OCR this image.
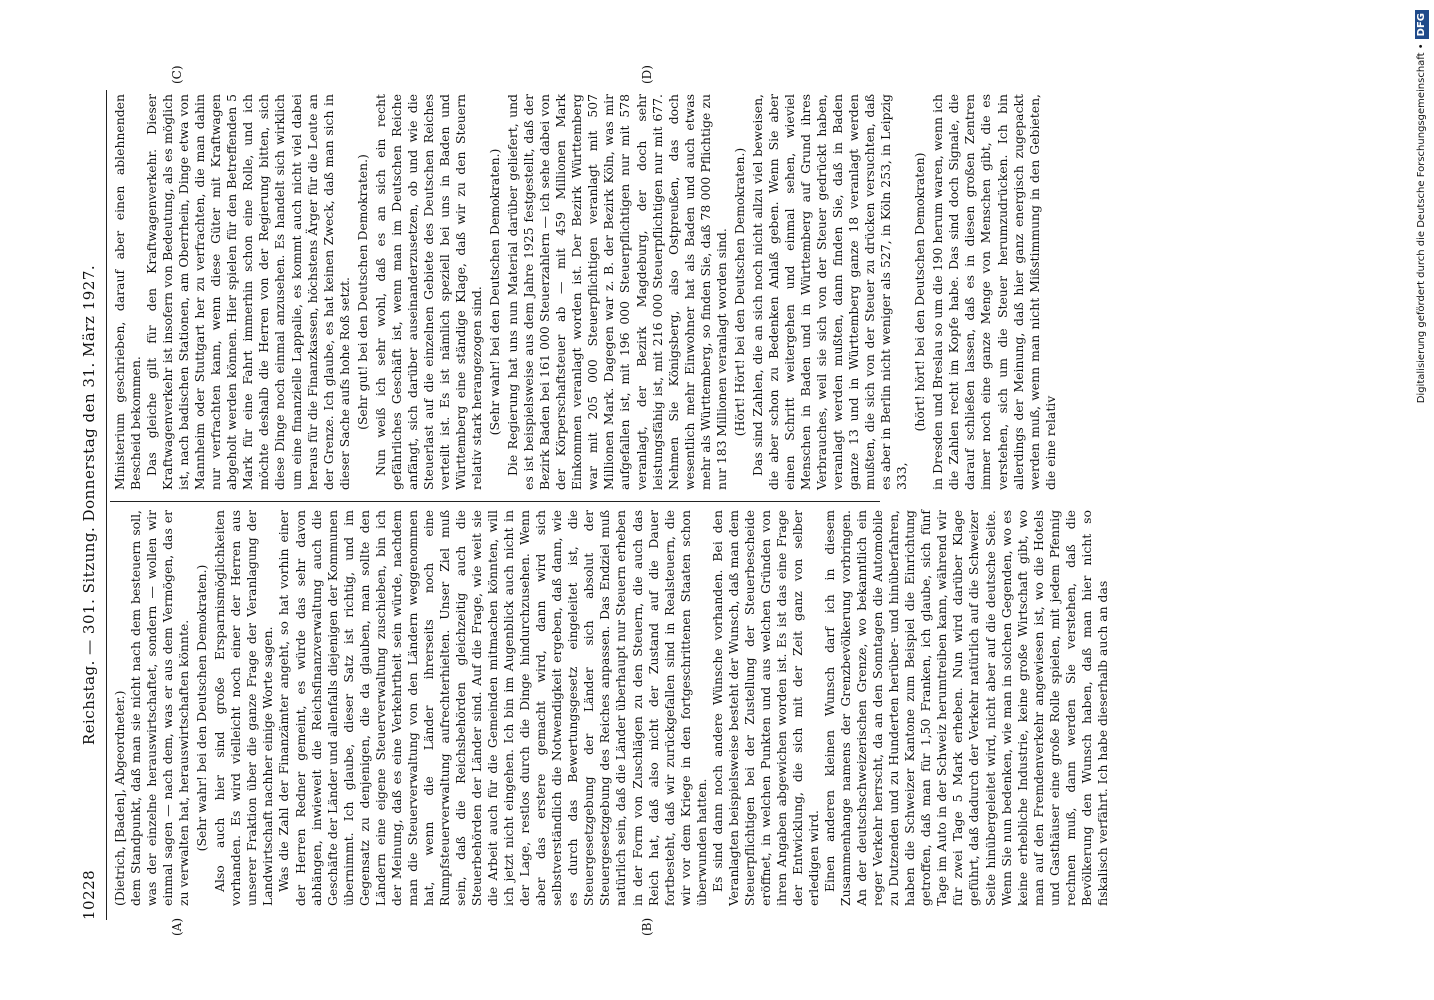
10228
Reichstag. — 301. Sitzung. Donnerstag den 31. März 1927.

(Dietrich, [Baden], Abgeordneter.) dem Standpunkt, daß man sie nicht nach dem besteuern soll, was der einzelne herauswirtschaftet, sondern — wollen wir einmal sagen — nach dem, was er aus dem Vermögen, das er zu verwalten hat, herauswirtschaften könnte. (Sehr wahr! bei den Deutschen Demokraten.) Also auch hier sind große Ersparnismöglichkeiten vorhanden. Es wird vielleicht noch einer der Herren aus unserer Fraktion über die ganze Frage der Veranlagung der Landwirtschaft nachher einige Worte sagen. Was die Zahl der Finanzämter angeht, so hat vorhin einer der Herren Redner gemeint, es würde das sehr davon abhängen, inwieweit die Reichsfinanzverwaltung auch die Geschäfte der Länder und allenfalls diejenigen der Kommunen übernimmt. Ich glaube, dieser Satz ist richtig, und im Gegensatz zu denjenigen, die da glauben, man sollte den Ländern eine eigene Steuerverwaltung zuschieben, bin ich der Meinung, daß es eine Verkehrtheit sein würde, nachdem man die Steuerverwaltung von den Ländern weggenommen hat, wenn die Länder ihrerseits noch eine Rumpfsteuerverwaltung aufrechterhielten. Unser Ziel muß sein, daß die Reichsbehörden gleichzeitig auch die Steuerbehörden der Länder sind. Auf die Frage, wie weit sie die Arbeit auch für die Gemeinden mitmachen könnten, will ich jetzt nicht eingehen. Ich bin im Augenblick auch nicht in der Lage, restlos durch die Dinge hindurchzusehen. Wenn aber das erstere gemacht wird, dann wird sich selbstverständlich die Notwendigkeit ergeben, daß dann, wie es durch das Bewertungsgesetz eingeleitet ist, die Steuergesetzgebung der Länder sich absolut der Steuergesetzgebung des Reiches anpassen. Das Endziel muß natürlich sein, daß die Länder überhaupt nur Steuern erheben in der Form von Zuschlägen zu den Steuern, die auch das Reich hat, daß also nicht der Zustand auf die Dauer fortbesteht, daß wir zurückgefallen sind in Realsteuern, die wir vor dem Kriege in den fortgeschrittenen Staaten schon überwunden hatten. Es sind dann noch andere Wünsche vorhanden. Bei den Veranlagten beispielsweise besteht der Wunsch, daß man dem Steuerpflichtigen bei der Zustellung der Steuerbescheide eröffnet, in welchen Punkten und aus welchen Gründen von ihren Angaben abgewichen worden ist. Es ist das eine Frage der Entwicklung, die sich mit der Zeit ganz von selber erledigen wird. Einen anderen kleinen Wunsch darf ich in diesem Zusammenhange namens der Grenzbevölkerung vorbringen. An der deutschschweizerischen Grenze, wo bekanntlich ein reger Verkehr herrscht, da an den Sonntagen die Automobile zu Dutzenden und zu Hunderten herüber- und hinüberfahren, haben die Schweizer Kantone zum Beispiel die Einrichtung getroffen, daß man für 1,50 Franken, ich glaube, sich fünf Tage im Auto in der Schweiz herumtreiben kann, während wir für zwei Tage 5 Mark erheben. Nun wird darüber Klage geführt, daß dadurch der Verkehr natürlich auf die Schweizer Seite hinübergeleitet wird, nicht aber auf die deutsche Seite. Wenn Sie nun bedenken, wie man in solchen Gegenden, wo es keine erhebliche Industrie, keine große Wirtschaft gibt, wo man auf den Fremdenverkehr angewiesen ist, wo die Hotels und Gasthäuser eine große Rolle spielen, mit jedem Pfennig rechnen muß, dann werden Sie verstehen, daß die Bevölkerung den Wunsch haben, daß man hier nicht so fiskalisch verfährt. Ich habe dieserhalb auch an das

Ministerium geschrieben, darauf aber einen ablehnenden Bescheid bekommen. Das gleiche gilt für den Kraftwagenverkehr. Dieser Kraftwagenverkehr ist insofern von Bedeutung, als es möglich ist, nach badischen Stationen, am Oberrhein, Dinge etwa von Mannheim oder Stuttgart her zu verfrachten, die man dahin nur verfrachten kann, wenn diese Güter mit Kraftwagen abgeholt werden können. Hier spielen für den Betreffenden 5 Mark für eine Fahrt immerhin schon eine Rolle, und ich möchte deshalb die Herren von der Regierung bitten, sich diese Dinge noch einmal anzusehen. Es handelt sich wirklich um eine finanzielle Lappalie, es kommt auch nicht viel dabei heraus für die Finanzkassen, höchstens Ärger für die Leute an der Grenze. Ich glaube, es hat keinen Zweck, daß man sich in dieser Sache aufs hohe Roß setzt. (Sehr gut! bei den Deutschen Demokraten.) Nun weiß ich sehr wohl, daß es an sich ein recht gefährliches Geschäft ist, wenn man im Deutschen Reiche anfängt, sich darüber auseinanderzusetzen, ob und wie die Steuerlast auf die einzelnen Gebiete des Deutschen Reiches verteilt ist. Es ist nämlich speziell bei uns in Baden und Württemberg eine ständige Klage, daß wir zu den Steuern relativ stark herangezogen sind. (Sehr wahr! bei den Deutschen Demokraten.) Die Regierung hat uns nun Material darüber geliefert, und es ist beispielsweise aus dem Jahre 1925 festgestellt, daß der Bezirk Baden bei 161 000 Steuerzahlern — ich sehe dabei von der Körperschaftsteuer ab — mit 459 Millionen Mark Einkommen veranlagt worden ist. Der Bezirk Württemberg war mit 205 000 Steuerpflichtigen veranlagt mit 507 Millionen Mark. Dagegen war z. B. der Bezirk Köln, was mir aufgefallen ist, mit 196 000 Steuerpflichtigen nur mit 578 veranlagt, der Bezirk Magdeburg, der doch sehr leistungsfähig ist, mit 216 000 Steuerpflichtigen nur mit 677. Nehmen Sie Königsberg, also Ostpreußen, das doch wesentlich mehr Einwohner hat als Baden und auch etwas mehr als Württemberg, so finden Sie, daß 78 000 Pflichtige zu nur 183 Millionen veranlagt worden sind. (Hört! Hört! bei den Deutschen Demokraten.) Das sind Zahlen, die an sich noch nicht allzu viel beweisen, die aber schon zu Bedenken Anlaß geben. Wenn Sie aber einen Schritt weitergehen und einmal sehen, wieviel Menschen in Baden und in Württemberg auf Grund ihres Verbrauches, weil sie sich von der Steuer gedrückt haben, veranlagt werden mußten, dann finden Sie, daß in Baden ganze 13 und in Württemberg ganze 18 veranlagt werden mußten, die sich von der Steuer zu drücken versuchten, daß es aber in Berlin nicht weniger als 527, in Köln 253, in Leipzig 333,

(hört! hört! bei den Deutschen Demokraten) in Dresden und Breslau so um die 190 herum waren, wenn ich die Zahlen recht im Kopfe habe. Das sind doch Signale, die darauf schließen lassen, daß es in diesen großen Zentren immer noch eine ganze Menge von Menschen gibt, die es verstehen, sich um die Steuer herumzudrücken. Ich bin allerdings der Meinung, daß hier ganz energisch zugepackt werden muß, wenn man nicht Mißstimmung in den Gebieten, die eine relativ

(A)	(B)
(C)	(D)	Digitalisierung gefördert durch die Deutsche Forschungsgemeinschaft •DFG
